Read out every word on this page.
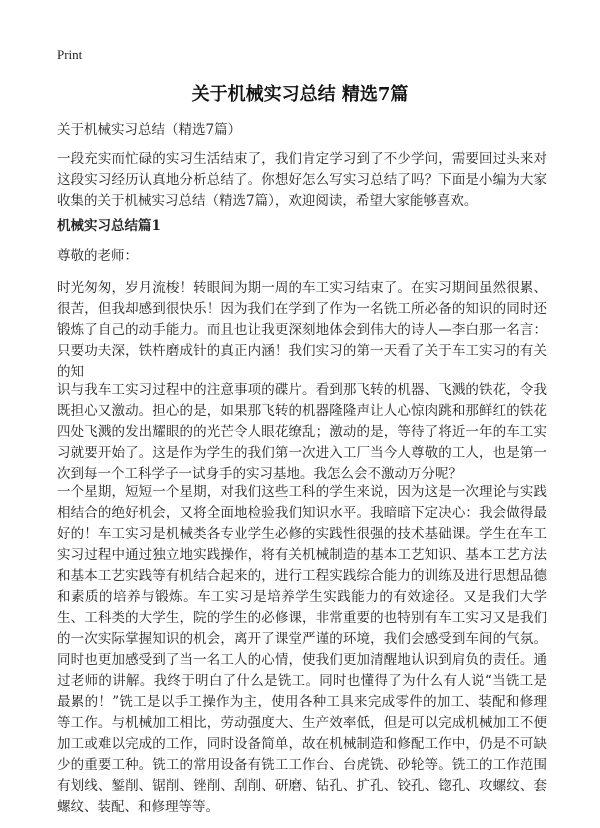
Print
关于机械实习总结 精选7篇

关于机械实习总结（精选7篇）

一段充实而忙碌的实习生活结束了，我们肯定学习到了不少学问，需要回过头来对这段实习经历认真地分析总结了。你想好怎么写实习总结了吗？下面是小编为大家收集的关于机械实习总结（精选7篇），欢迎阅读，希望大家能够喜欢。

机械实习总结篇1

尊敬的老师：

时光匆匆，岁月流梭！转眼间为期一周的车工实习结束了。在实习期间虽然很累、很苦，但我却感到很快乐！因为我们在学到了作为一名铣工所必备的知识的同时还锻炼了自己的动手能力。而且也让我更深刻地体会到伟大的诗人—李白那一名言：只要功夫深，铁杵磨成针的真正内涵！我们实习的第一天看了关于车工实习的有关的知

识与我车工实习过程中的注意事项的碟片。看到那飞转的机器、飞溅的铁花，令我既担心又激动。担心的是，如果那飞转的机器隆隆声让人心惊肉跳和那鲜红的铁花四处飞溅的发出耀眼的的光芒令人眼花缭乱；激动的是，等待了将近一年的车工实习就要开始了。这是作为学生的我们第一次进入工厂当今人尊敬的工人，也是第一次到每一个工科学子一试身手的实习基地。我怎么会不激动万分呢？

一个星期，短短一个星期，对我们这些工科的学生来说，因为这是一次理论与实践相结合的绝好机会，又将全面地检验我们知识水平。我暗暗下定决心：我会做得最好的！车工实习是机械类各专业学生必修的实践性很强的技术基础课。学生在车工实习过程中通过独立地实践操作，将有关机械制造的基本工艺知识、基本工艺方法和基本工艺实践等有机结合起来的，进行工程实践综合能力的训练及进行思想品德和素质的培养与锻炼。车工实习是培养学生实践能力的有效途径。又是我们大学生、工科类的大学生，院的学生的必修课，非常重要的也特别有车工实习又是我们的一次实际掌握知识的机会，离开了课堂严谨的环境，我们会感受到车间的气氛。同时也更加感受到了当一名工人的心情，使我们更加清醒地认识到肩负的责任。通过老师的讲解。我终于明白了什么是铣工。同时也懂得了为什么有人说“当铣工是最累的！”铣工是以手工操作为主，使用各种工具来完成零件的加工、装配和修理等工作。与机械加工相比，劳动强度大、生产效率低，但是可以完成机械加工不便加工或难以完成的工作，同时设备简单，故在机械制造和修配工作中，仍是不可缺少的重要工种。铣工的常用设备有铣工工作台、台虎铣、砂轮等。铣工的工作范围有划线、錾削、锯削、锉削、刮削、研磨、钻孔、扩孔、铰孔、锪孔、攻螺纹、套螺纹、装配、和修理等等。
